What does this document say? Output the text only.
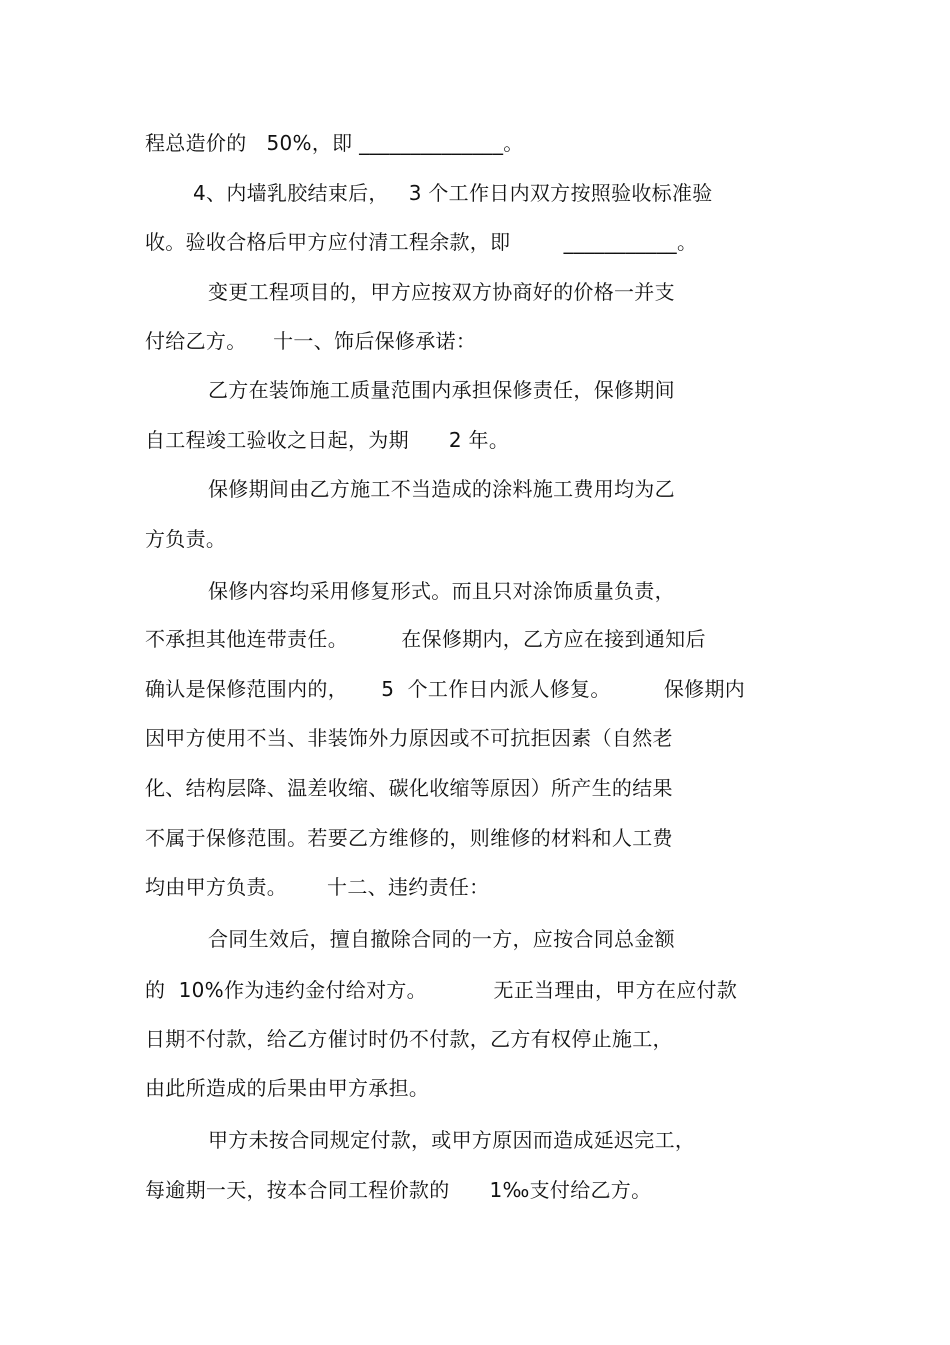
程总造价的   50%，即 ______________。
4、内墙乳胶结束后，   3 个工作日内双方按照验收标准验
收。验收合格后甲方应付清工程余款，即        ___________。
变更工程项目的，甲方应按双方协商好的价格一并支
付给乙方。    十一、饰后保修承诺：
乙方在装饰施工质量范围内承担保修责任，保修期间
自工程竣工验收之日起，为期      2 年。
保修期间由乙方施工不当造成的涂料施工费用均为乙
方负责。
保修内容均采用修复形式。而且只对涂饰质量负责，
不承担其他连带责任。        在保修期内，乙方应在接到通知后
确认是保修范围内的，     5  个工作日内派人修复。        保修期内
因甲方使用不当、非装饰外力原因或不可抗拒因素（自然老
化、结构层降、温差收缩、碳化收缩等原因）所产生的结果
不属于保修范围。若要乙方维修的，则维修的材料和人工费
均由甲方负责。      十二、违约责任：
合同生效后，擅自撤除合同的一方，应按合同总金额
的  10%作为违约金付给对方。          无正当理由，甲方在应付款
日期不付款，给乙方催讨时仍不付款，乙方有权停止施工，
由此所造成的后果由甲方承担。
甲方未按合同规定付款，或甲方原因而造成延迟完工，
每逾期一天，按本合同工程价款的      1‰支付给乙方。
